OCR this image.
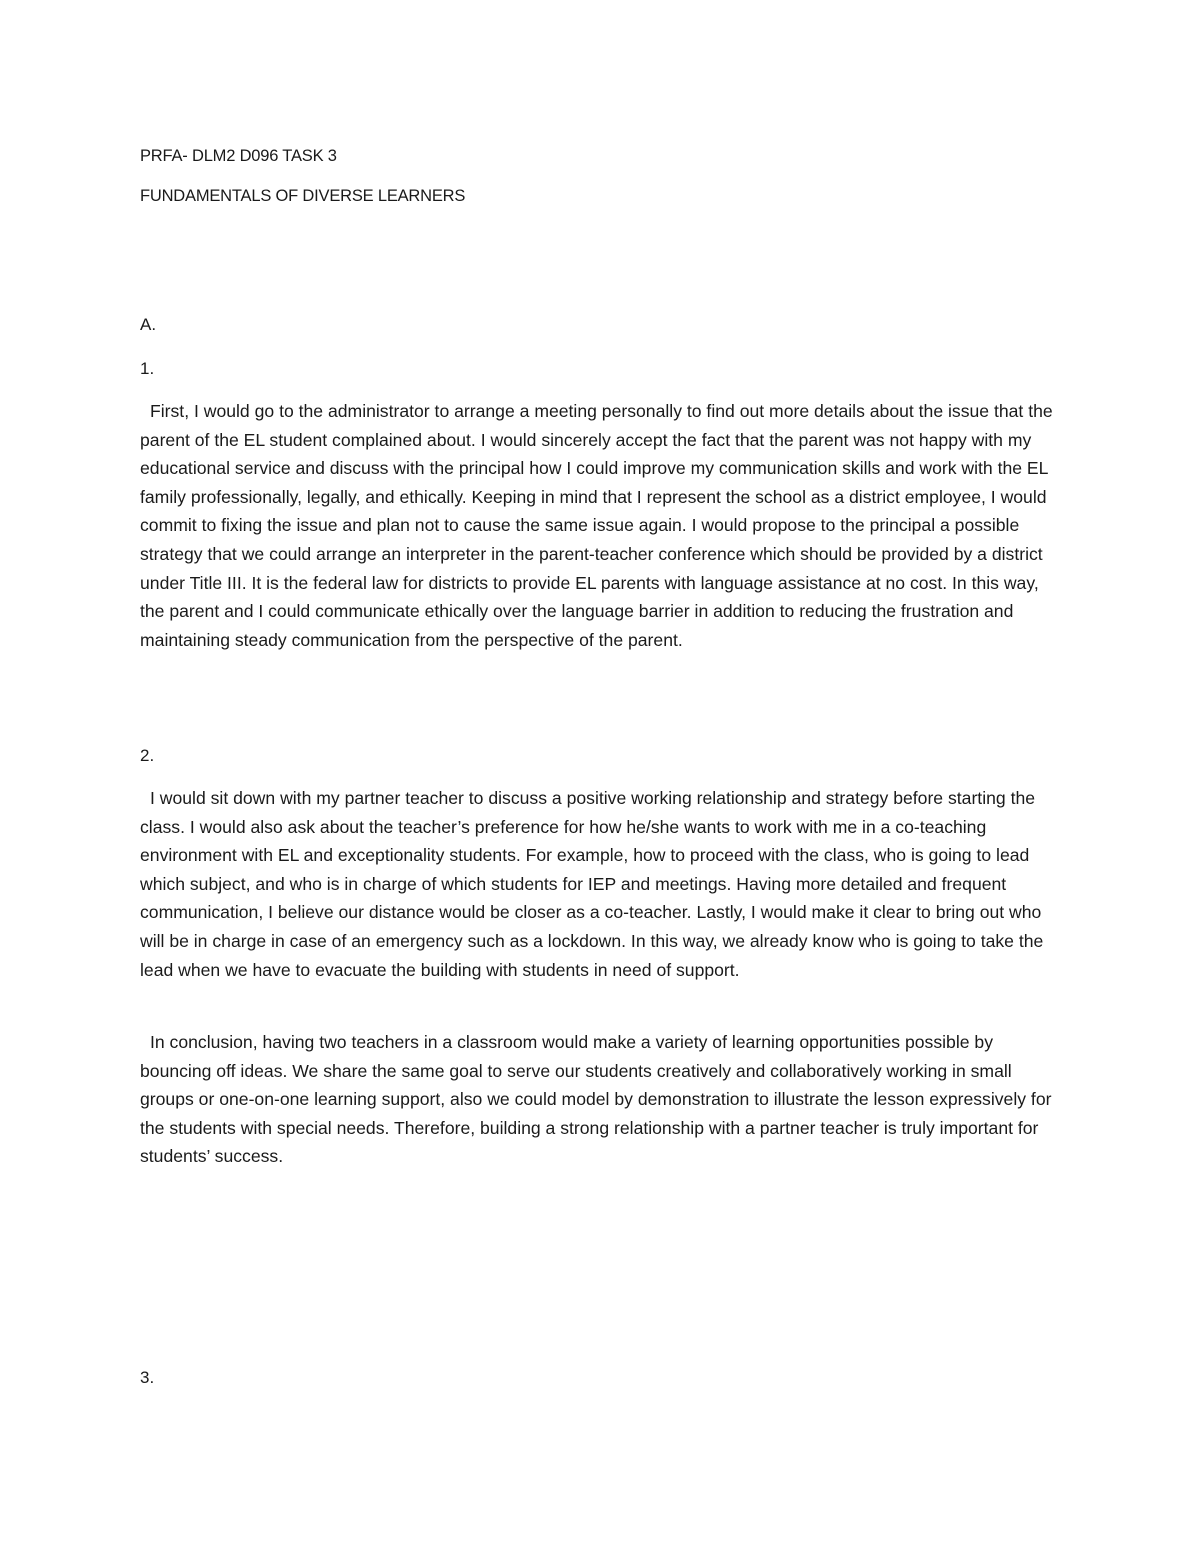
PRFA- DLM2 D096 TASK 3

FUNDAMENTALS OF DIVERSE LEARNERS

A.

1.

First, I would go to the administrator to arrange a meeting personally to find out more details about the issue that the parent of the EL student complained about. I would sincerely accept the fact that the parent was not happy with my educational service and discuss with the principal how I could improve my communication skills and work with the EL family professionally, legally, and ethically. Keeping in mind that I represent the school as a district employee, I would commit to fixing the issue and plan not to cause the same issue again. I would propose to the principal a possible strategy that we could arrange an interpreter in the parent-teacher conference which should be provided by a district under Title III. It is the federal law for districts to provide EL parents with language assistance at no cost. In this way, the parent and I could communicate ethically over the language barrier in addition to reducing the frustration and maintaining steady communication from the perspective of the parent.

2.

I would sit down with my partner teacher to discuss a positive working relationship and strategy before starting the class. I would also ask about the teacher’s preference for how he/she wants to work with me in a co-teaching environment with EL and exceptionality students. For example, how to proceed with the class, who is going to lead which subject, and who is in charge of which students for IEP and meetings. Having more detailed and frequent communication, I believe our distance would be closer as a co-teacher. Lastly, I would make it clear to bring out who will be in charge in case of an emergency such as a lockdown. In this way, we already know who is going to take the lead when we have to evacuate the building with students in need of support.

In conclusion, having two teachers in a classroom would make a variety of learning opportunities possible by bouncing off ideas. We share the same goal to serve our students creatively and collaboratively working in small groups or one-on-one learning support, also we could model by demonstration to illustrate the lesson expressively for the students with special needs. Therefore, building a strong relationship with a partner teacher is truly important for students’ success.

3.
